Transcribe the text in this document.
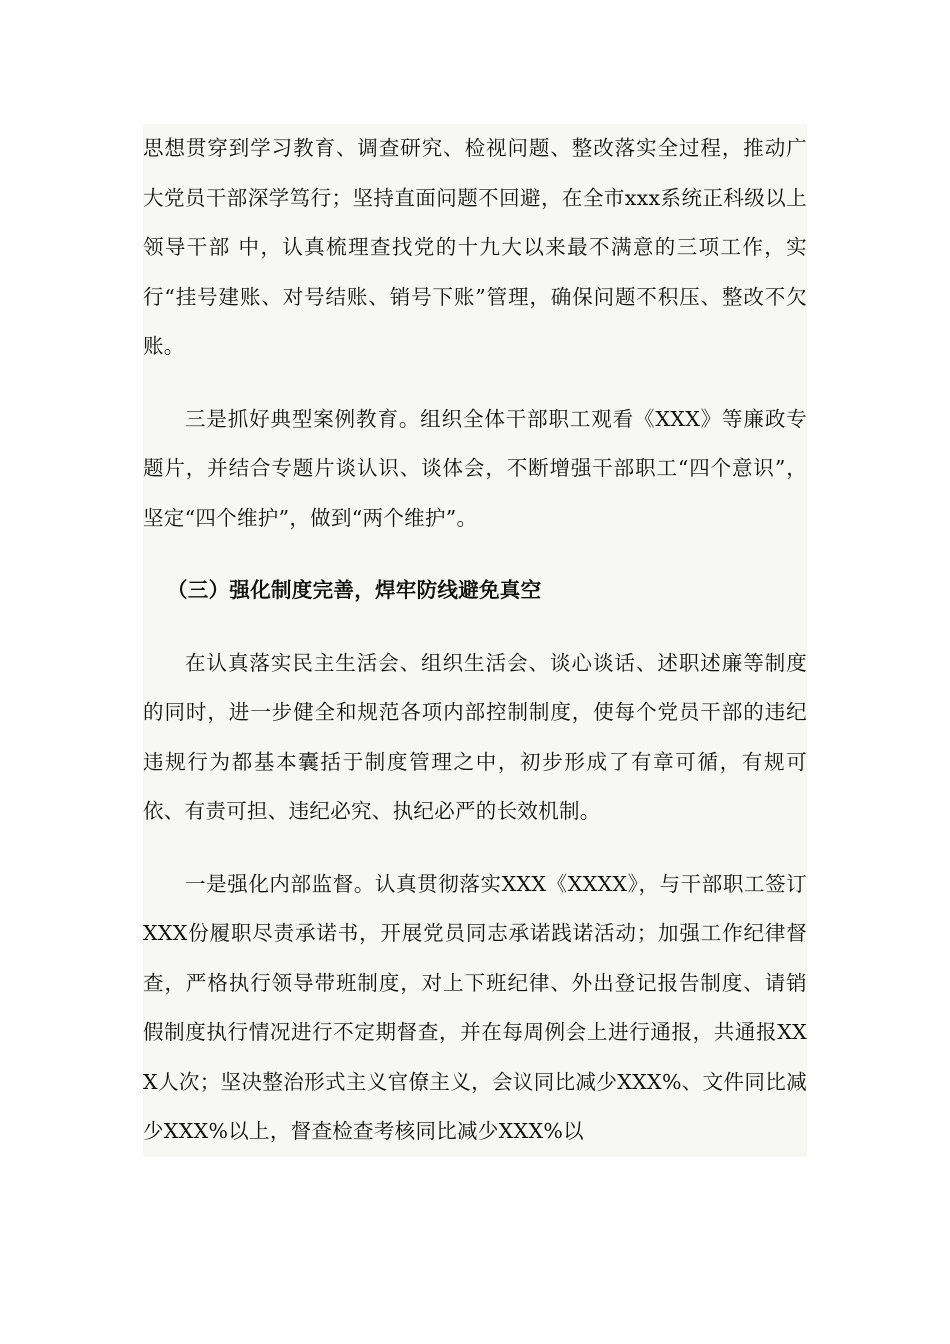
思想贯穿到学习教育、调查研究、检视问题、整改落实全过程，推动广大党员干部深学笃行；坚持直面问题不回避，在全市xxx系统正科级以上领导干部 中，认真梳理查找党的十九大以来最不满意的三项工作，实行“挂号建账、对号结账、销号下账”管理，确保问题不积压、整改不欠账。

三是抓好典型案例教育。组织全体干部职工观看《XXX》等廉政专题片，并结合专题片谈认识、谈体会，不断增强干部职工“四个意识”，坚定“四个维护”，做到“两个维护”。

（三）强化制度完善，焊牢防线避免真空

在认真落实民主生活会、组织生活会、谈心谈话、述职述廉等制度的同时，进一步健全和规范各项内部控制制度，使每个党员干部的违纪违规行为都基本囊括于制度管理之中，初步形成了有章可循，有规可依、有责可担、违纪必究、执纪必严的长效机制。

一是强化内部监督。认真贯彻落实XXX《XXXX》，与干部职工签订XXX份履职尽责承诺书，开展党员同志承诺践诺活动；加强工作纪律督查，严格执行领导带班制度，对上下班纪律、外出登记报告制度、请销假制度执行情况进行不定期督查，并在每周例会上进行通报，共通报XXX人次；坚决整治形式主义官僚主义，会议同比减少XXX%、文件同比减少XXX%以上，督查检查考核同比减少XXX%以
